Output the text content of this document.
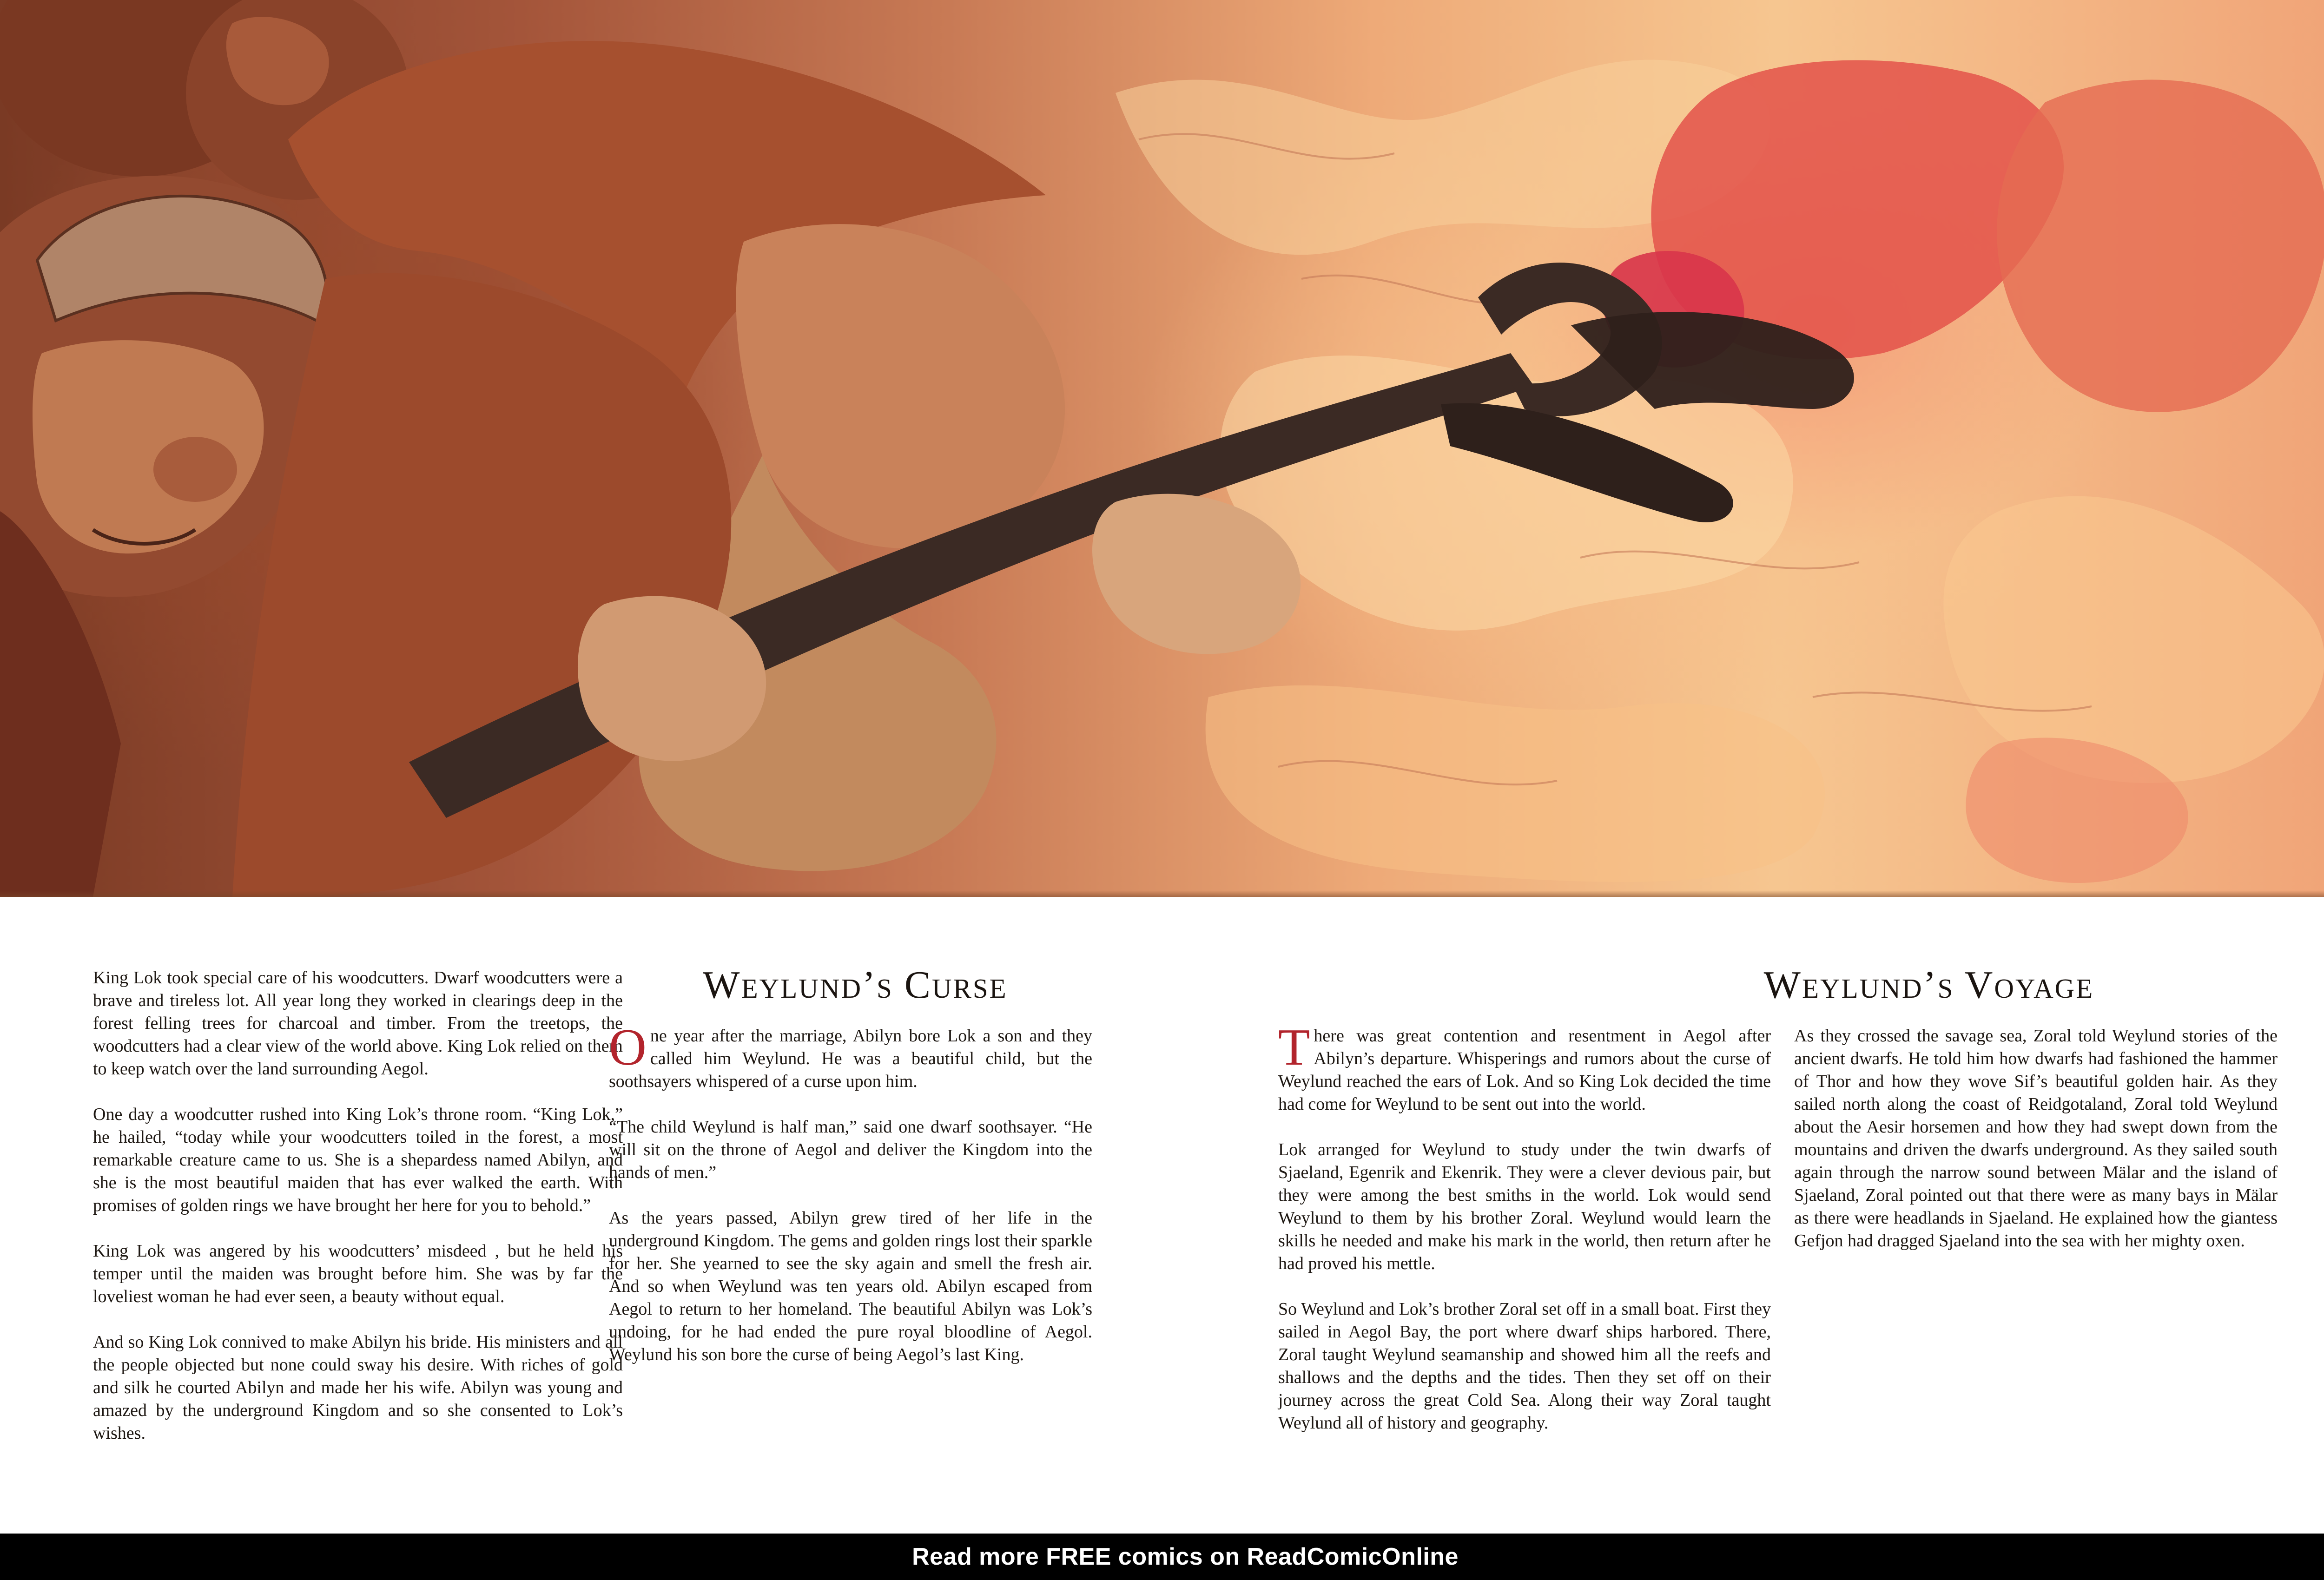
King Lok took special care of his woodcutters. Dwarf woodcutters were a brave and tireless lot. All year long they worked in clearings deep in the forest felling trees for charcoal and timber. From the treetops, the woodcutters had a clear view of the world above. King Lok relied on them to keep watch over the land surrounding Aegol.

One day a woodcutter rushed into King Lok’s throne room. “King Lok,” he hailed, “today while your woodcutters toiled in the forest, a most remarkable creature came to us. She is a shepardess named Abilyn, and she is the most beautiful maiden that has ever walked the earth. With promises of golden rings we have brought her here for you to behold.”

King Lok was angered by his woodcutters’ misdeed , but he held his temper until the maiden was brought before him. She was by far the loveliest woman he had ever seen, a beauty without equal.

And so King Lok connived to make Abilyn his bride. His ministers and all the people objected but none could sway his desire. With riches of gold and silk he courted Abilyn and made her his wife. Abilyn was young and amazed by the underground Kingdom and so she consented to Lok’s wishes.

Weylund’s Curse

One year after the marriage, Abilyn bore Lok a son and they called him Weylund. He was a beautiful child, but the soothsayers whispered of a curse upon him.

“The child Weylund is half man,” said one dwarf soothsayer. “He will sit on the throne of Aegol and deliver the Kingdom into the hands of men.”

As the years passed, Abilyn grew tired of her life in the underground Kingdom. The gems and golden rings lost their sparkle for her. She yearned to see the sky again and smell the fresh air. And so when Weylund was ten years old. Abilyn escaped from Aegol to return to her homeland. The beautiful Abilyn was Lok’s undoing, for he had ended the pure royal bloodline of Aegol. Weylund his son bore the curse of being Aegol’s last King.

Weylund’s Voyage

There was great contention and resentment in Aegol after Abilyn’s departure. Whisperings and rumors about the curse of Weylund reached the ears of Lok. And so King Lok decided the time had come for Weylund to be sent out into the world.

Lok arranged for Weylund to study under the twin dwarfs of Sjaeland, Egenrik and Ekenrik. They were a clever devious pair, but they were among the best smiths in the world. Lok would send Weylund to them by his brother Zoral. Weylund would learn the skills he needed and make his mark in the world, then return after he had proved his mettle.

So Weylund and Lok’s brother Zoral set off in a small boat. First they sailed in Aegol Bay, the port where dwarf ships harbored. There, Zoral taught Weylund seamanship and showed him all the reefs and shallows and the depths and the tides. Then they set off on their journey across the great Cold Sea. Along their way Zoral taught Weylund all of history and geography.

As they crossed the savage sea, Zoral told Weylund stories of the ancient dwarfs. He told him how dwarfs had fashioned the hammer of Thor and how they wove Sif’s beautiful golden hair. As they sailed north along the coast of Reidgotaland, Zoral told Weylund about the Aesir horsemen and how they had swept down from the mountains and driven the dwarfs underground. As they sailed south again through the narrow sound between Mälar and the island of Sjaeland, Zoral pointed out that there were as many bays in Mälar as there were headlands in Sjaeland. He explained how the giantess Gefjon had dragged Sjaeland into the sea with her mighty oxen.

Read more FREE comics on ReadComicOnline
